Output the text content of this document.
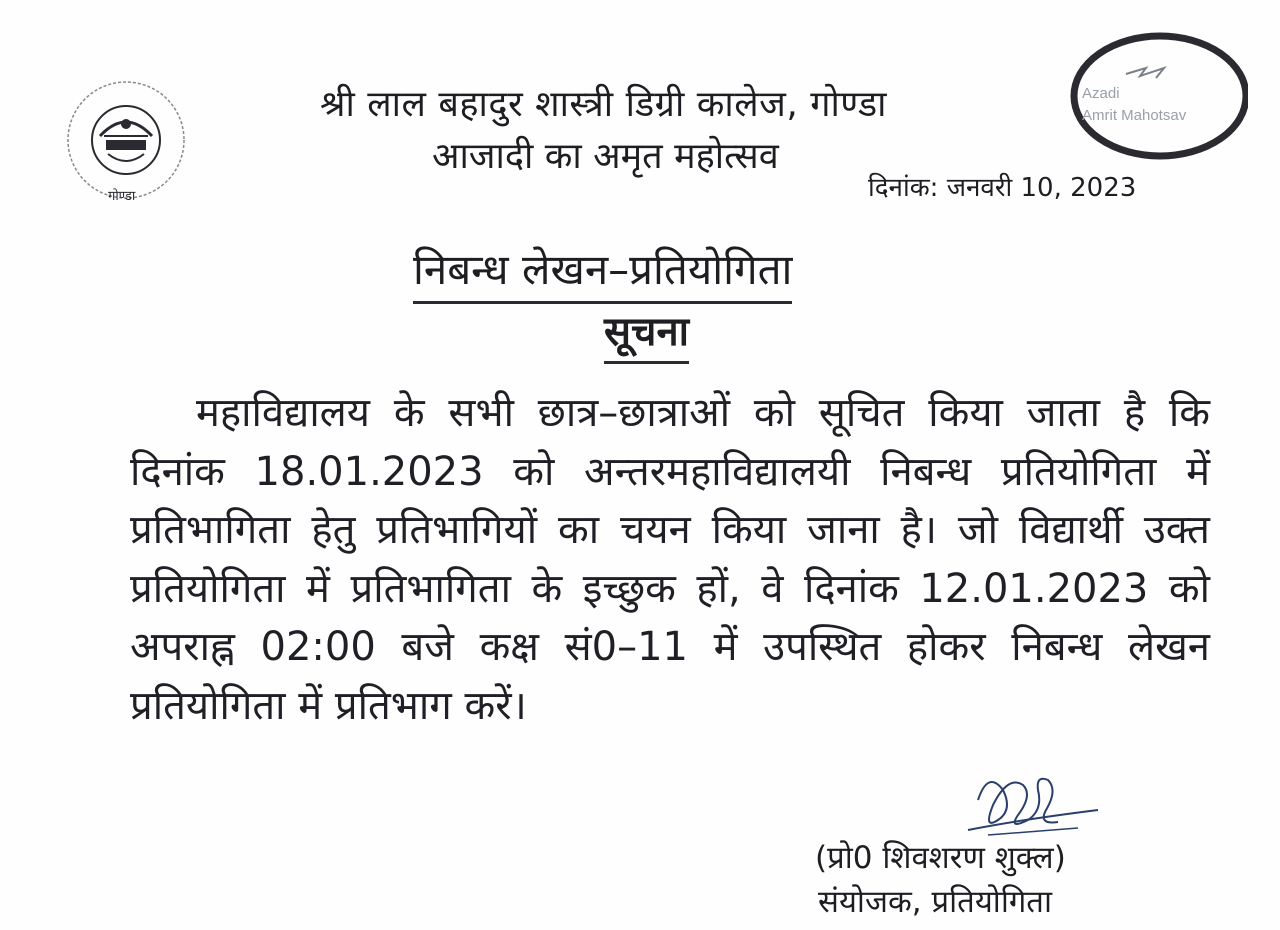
गोण्डा
Azadi
Amrit Mahotsav
श्री लाल बहादुर शास्त्री डिग्री कालेज, गोण्डा
आजादी का अमृत महोत्सव
दिनांक: जनवरी 10, 2023
निबन्ध लेखन–प्रतियोगिता
सूचना
महाविद्यालय के सभी छात्र–छात्राओं को सूचित किया जाता है कि दिनांक 18.01.2023 को अन्तरमहाविद्यालयी निबन्ध प्रतियोगिता में प्रतिभागिता हेतु प्रतिभागियों का चयन किया जाना है। जो विद्यार्थी उक्त प्रतियोगिता में प्रतिभागिता के इच्छुक हों, वे दिनांक 12.01.2023 को अपराह्न 02:00 बजे कक्ष सं0–11 में उपस्थित होकर निबन्ध लेखन प्रतियोगिता में प्रतिभाग करें।
(प्रो0 शिवशरण शुक्ल)
संयोजक, प्रतियोगिता
